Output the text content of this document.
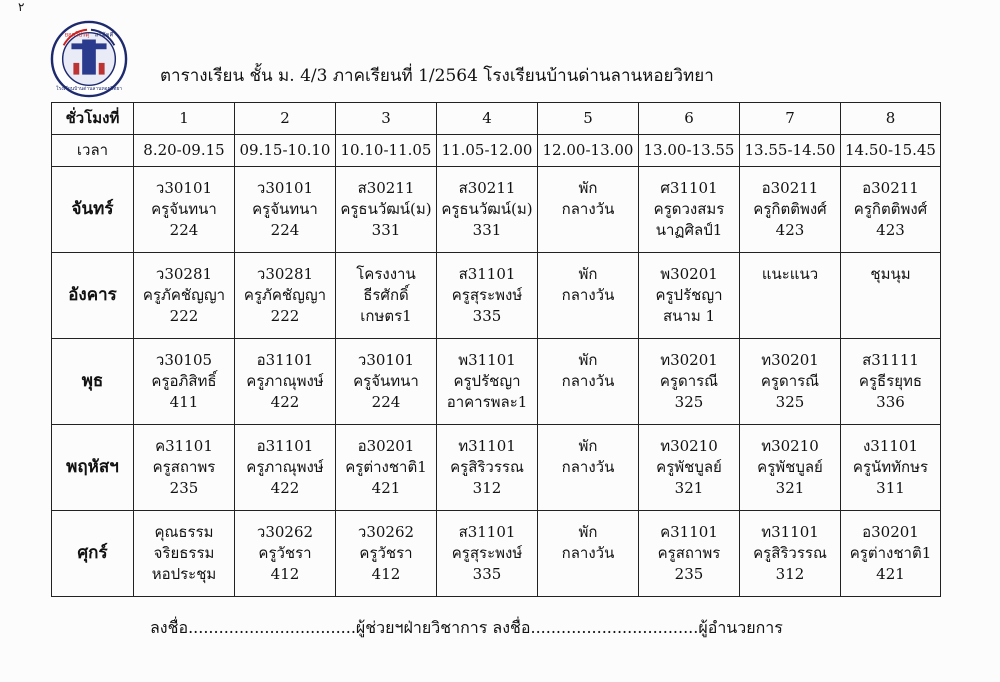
٢
ยอดโปรดุ สามัคคี
โรงเรียนบ้านด่านลานหอยวิทยา
ตารางเรียน ชั้น ม. 4/3 ภาคเรียนที่ 1/2564 โรงเรียนบ้านด่านลานหอยวิทยา
ชั่วโมงที่	1	2	3	4	5	6	7	8
เวลา	8.20-09.15	09.15-10.10	10.10-11.05	11.05-12.00	12.00-13.00	13.00-13.55	13.55-14.50	14.50-15.45
จันทร์	ว30101
ครูจันทนา
224	ว30101
ครูจันทนา
224	ส30211
ครูธนวัฒน์(ม)
331	ส30211
ครูธนวัฒน์(ม)
331	พัก
กลางวัน	ศ31101
ครูดวงสมร
นาฏศิลป์1	อ30211
ครูกิตติพงศ์
423	อ30211
ครูกิตติพงศ์
423

อังคาร	ว30281
ครูภัคชัญญา
222	ว30281
ครูภัคชัญญา
222	โครงงาน
ธีรศักดิ์
เกษตร1	ส31101
ครูสุระพงษ์
335	พัก
กลางวัน	พ30201
ครูปรัชญา
สนาม 1	แนะแนว	ชุมนุม

พุธ	ว30105
ครูอภิสิทธิ์
411	อ31101
ครูภาณุพงษ์
422	ว30101
ครูจันทนา
224	พ31101
ครูปรัชญา
อาคารพละ1	พัก
กลางวัน	ท30201
ครูดารณี
325	ท30201
ครูดารณี
325	ส31111
ครูธีรยุทธ
336

พฤหัสฯ	ค31101
ครูสถาพร
235	อ31101
ครูภาณุพงษ์
422	อ30201
ครูต่างชาติ1
421	ท31101
ครูสิริวรรณ
312	พัก
กลางวัน	ท30210
ครูพัชบูลย์
321	ท30210
ครูพัชบูลย์
321	ง31101
ครูนัททักษร
311

ศุกร์	คุณธรรม
จริยธรรม
หอประชุม	ว30262
ครูวัชรา
412	ว30262
ครูวัชรา
412	ส31101
ครูสุระพงษ์
335	พัก
กลางวัน	ค31101
ครูสถาพร
235	ท31101
ครูสิริวรรณ
312	อ30201
ครูต่างชาติ1
421
ลงชื่อ.................................ผู้ช่วยฯฝ่ายวิชาการ ลงชื่อ.................................ผู้อำนวยการ
